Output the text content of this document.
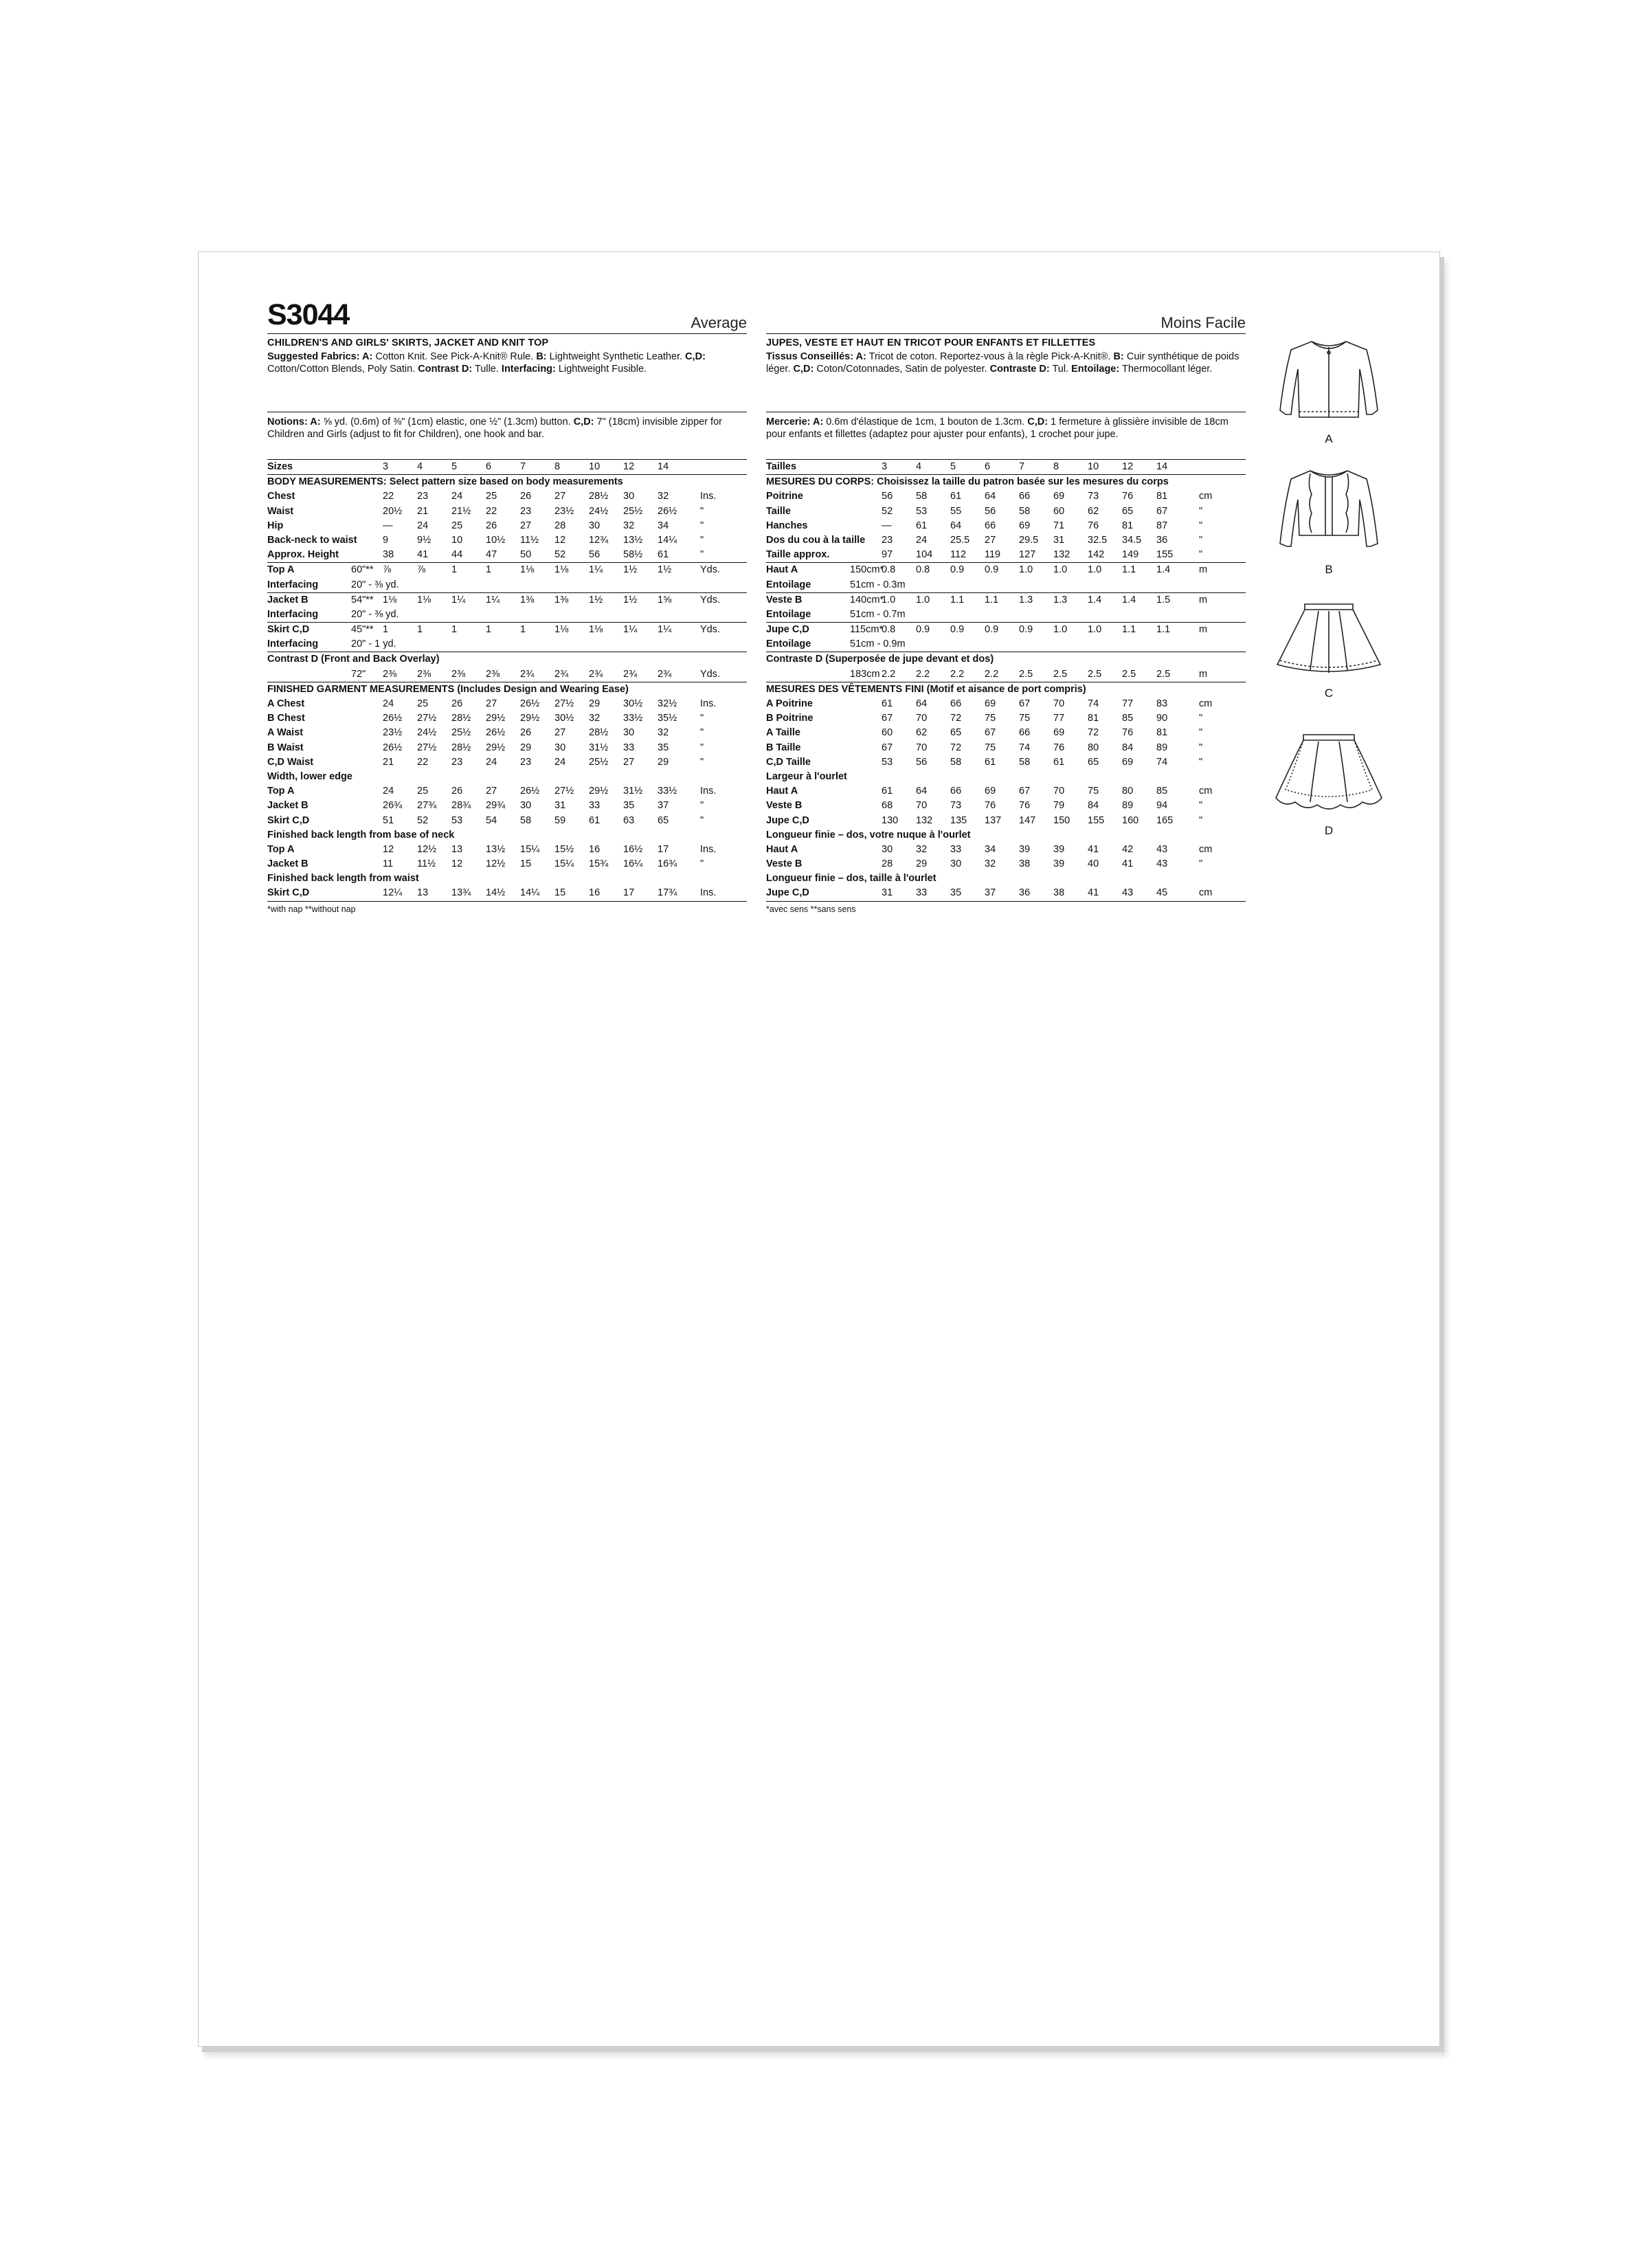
S3044	Average
CHILDREN'S AND GIRLS' SKIRTS, JACKET AND KNIT TOP
Suggested Fabrics: A: Cotton Knit. See Pick-A-Knit® Rule. B: Lightweight Synthetic Leather. C,D: Cotton/Cotton Blends, Poly Satin. Contrast D: Tulle. Interfacing: Lightweight Fusible.
Notions: A: ⅝ yd. (0.6m) of ⅜" (1cm) elastic, one ½" (1.3cm) button. C,D: 7" (18cm) invisible zipper for Children and Girls (adjust to fit for Children), one hook and bar.
Sizes	3	4	5	6	7	8	10 12 14
BODY MEASUREMENTS: Select pattern size based on body measurements
Chest	22 23 24 25 26 27 28½ 30 32	Ins.
Waist	20½ 21 21½ 22 23 23½ 24½ 25½ 26½ "
Hip	— 24 25 26 27 28 30 32 34	"
Back-neck to waist	9	9½ 10 10½ 11½ 12 12¾ 13½ 14¼ "
Approx. Height	38 41 44 47 50 52 56 58½ 61	"
Top A	60"** ⅞	⅞	1	1	1⅛ 1⅛ 1¼ 1½ 1½	Yds.
Interfacing	20" - ⅜ yd.
Jacket B	54"** 1⅛ 1⅛ 1¼ 1¼ 1⅜ 1⅜ 1½ 1½ 1⅝	Yds.
Interfacing	20" - ⅜ yd.
Skirt C,D	45"** 1	1	1	1	1	1⅛ 1⅛ 1¼ 1¼	Yds.
Interfacing	20" - 1 yd.
Contrast D (Front and Back Overlay)
72" 2⅜ 2⅜ 2⅜ 2⅜ 2¾ 2¾ 2¾ 2¾ 2¾	Yds.
FINISHED GARMENT MEASUREMENTS (Includes Design and Wearing Ease)
A Chest	24 25 26 27 26½ 27½ 29 30½ 32½ Ins.
B Chest	26½ 27½ 28½ 29½ 29½ 30½ 32 33½ 35½ "
A Waist	23½ 24½ 25½ 26½ 26 27 28½ 30 32	"
B Waist	26½ 27½ 28½ 29½ 29 30 31½ 33 35	"
C,D Waist	21 22 23 24 23 24 25½ 27 29	"
Width, lower edge
Top A	24 25 26 27 26½ 27½ 29½ 31½ 33½ Ins.
Jacket B	26¾ 27¾ 28¾ 29¾ 30 31 33 35 37	"
Skirt C,D	51 52 53 54 58 59 61 63 65	"
Finished back length from base of neck
Top A	12 12½ 13 13½ 15¼ 15½ 16 16½ 17	Ins.
Jacket B	11 11½ 12 12½ 15 15¼ 15¾ 16¼ 16¾ "
Finished back length from waist
Skirt C,D	12¼ 13 13¾ 14½ 14¼ 15 16 17 17¾ Ins.
*with nap **without nap
Moins Facile
JUPES, VESTE ET HAUT EN TRICOT POUR ENFANTS ET FILLETTES
Tissus Conseillés: A: Tricot de coton. Reportez-vous à la règle Pick-A-Knit®. B: Cuir synthétique de poids léger. C,D: Coton/Cotonnades, Satin de polyester. Contraste D: Tul. Entoilage: Thermocollant léger.
Mercerie: A: 0.6m d'élastique de 1cm, 1 bouton de 1.3cm. C,D: 1 fermeture à glissière invisible de 18cm pour enfants et fillettes (adaptez pour ajuster pour enfants), 1 crochet pour jupe.
Tailles	3	4	5	6	7	8	10 12 14
MESURES DU CORPS: Choisissez la taille du patron basée sur les mesures du corps
Poitrine	56 58 61 64 66 69 73 76 81	cm
Taille	52 53 55 56 58 60 62 65 67	"
Hanches	— 61 64 66 69 71 76 81 87	"
Dos du cou à la taille 23 24 25.5 27 29.5 31 32.5 34.5 36	"
Taille approx.	97 104 112 119 127 132 142 149 155	"
Haut A	150cm*
0.8 0.8 0.9 0.9 1.0 1.0 1.0 1.1 1.4	m
Entoilage	51cm - 0.3m
Veste B	140cm*
1.0 1.0 1.1 1.1 1.3 1.3 1.4 1.4 1.5	m
Entoilage	51cm - 0.7m
Jupe C,D	115cm*
0.8 0.9 0.9 0.9 0.9 1.0 1.0 1.1 1.1	m
Entoilage	51cm - 0.9m
Contraste D (Superposée de jupe devant et dos)
183cm 2.2 2.2 2.2 2.2 2.5 2.5 2.5 2.5 2.5	m
MESURES DES VÊTEMENTS FINI (Motif et aisance de port compris)
A Poitrine	61 64 66 69 67 70 74 77 83	cm
B Poitrine	67 70 72 75 75 77 81 85 90	"
A Taille	60 62 65 67 66 69 72 76 81	"
B Taille	67 70 72 75 74 76 80 84 89	"
C,D Taille	53 56 58 61 58 61 65 69 74	"
Largeur à l'ourlet
Haut A	61 64 66 69 67 70 75 80 85	cm
Veste B	68 70 73 76 76 79 84 89 94	"
Jupe C,D	130 132 135 137 147 150 155 160 165	"
Longueur finie – dos, votre nuque à l'ourlet
Haut A	30 32 33 34 39 39 41 42 43	cm
Veste B	28 29 30 32 38 39 40 41 43	"
Longueur finie – dos, taille à l'ourlet
Jupe C,D	31 33 35 37 36 38 41 43 45	cm
*avec sens **sans sens
A
B
C
D
